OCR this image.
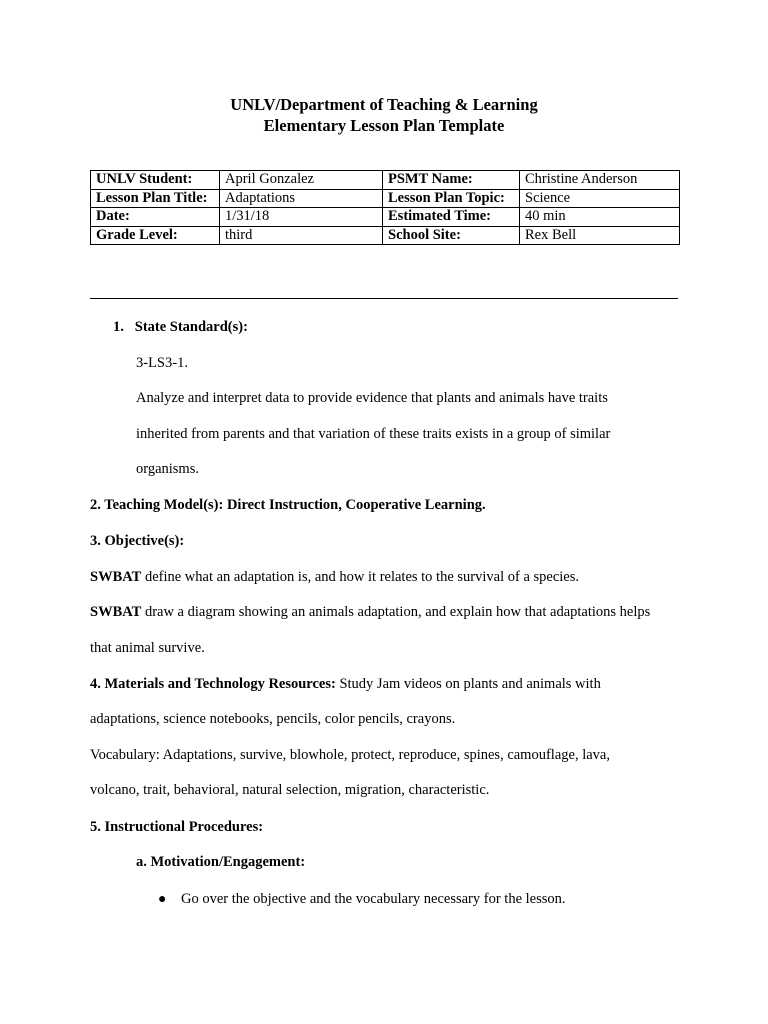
UNLV/Department of Teaching & Learning
Elementary Lesson Plan Template
UNLV Student:	April Gonzalez	PSMT Name:	Christine Anderson
Lesson Plan Title:	Adaptations	Lesson Plan Topic:	Science
Date:	1/31/18	Estimated Time:	40 min
Grade Level:	third	School Site:	Rex Bell
1.   State Standard(s):
3-LS3-1.
Analyze and interpret data to provide evidence that plants and animals have traits
inherited from parents and that variation of these traits exists in a group of similar
organisms.
2. Teaching Model(s): Direct Instruction, Cooperative Learning.
3. Objective(s):
SWBAT define what an adaptation is, and how it relates to the survival of a species.
SWBAT draw a diagram showing an animals adaptation, and explain how that adaptations helps
that animal survive.
4. Materials and Technology Resources: Study Jam videos on plants and animals with
adaptations, science notebooks, pencils, color pencils, crayons.
Vocabulary: Adaptations, survive, blowhole, protect, reproduce, spines, camouflage, lava,
volcano, trait, behavioral, natural selection, migration, characteristic.
5. Instructional Procedures:
a. Motivation/Engagement:
● Go over the objective and the vocabulary necessary for the lesson.
